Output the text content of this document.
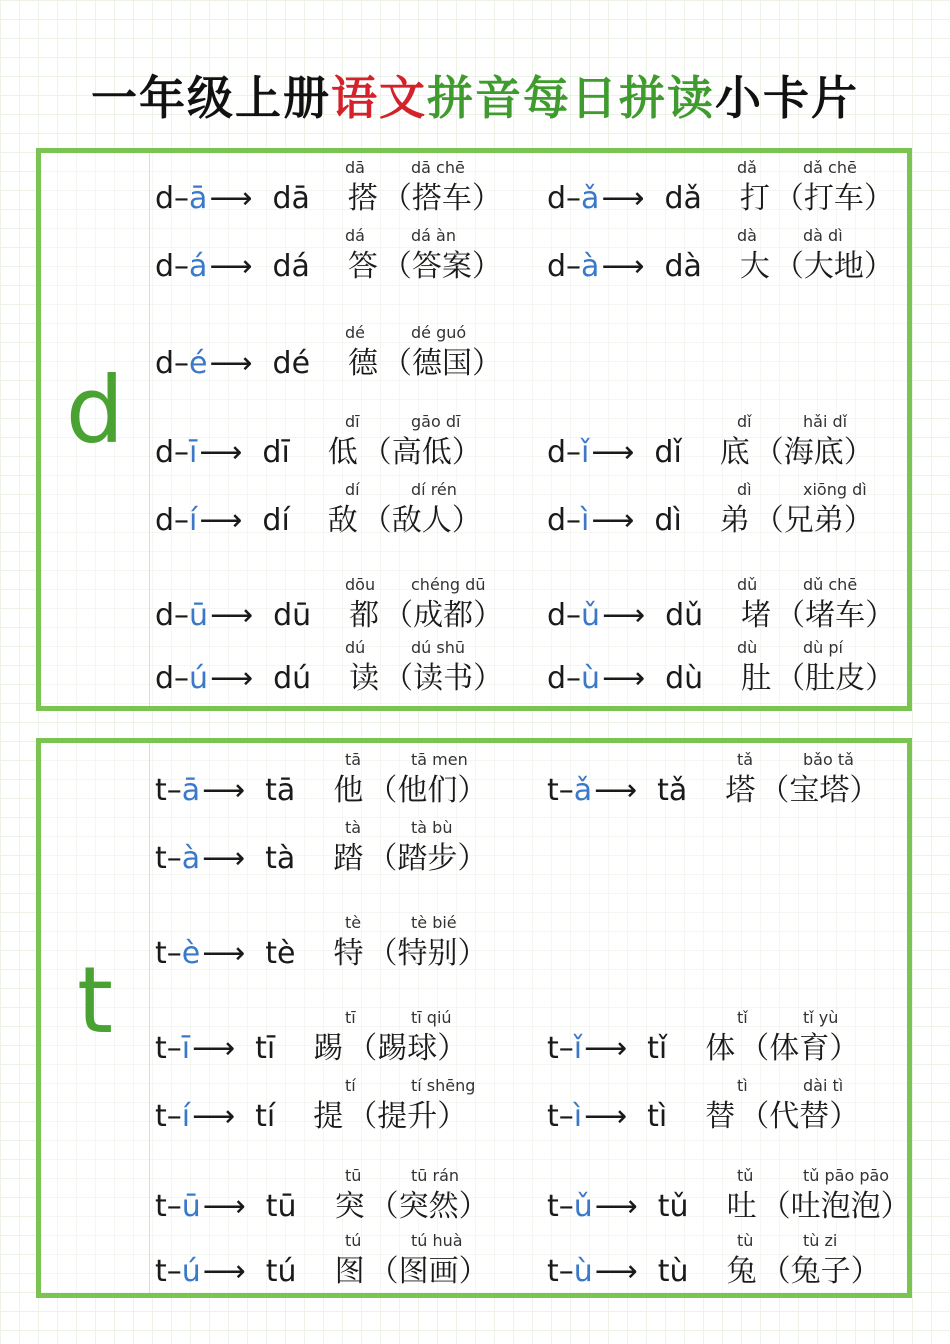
一年级上册语文拼音每日拼读小卡片
d
dā	dā chē
d–ā⟶ dā 搭 （搭车）
dǎ	dǎ chē
d–ǎ⟶ dǎ 打 （打车）
dá	dá àn
d–á⟶ dá 答 （答案）
dà	dà dì
d–à⟶ dà 大 （大地）
dé	dé guó
d–é⟶ dé 德 （德国）
dī	gāo dī
d–ī⟶ dī 低 （高低）
dǐ	hǎi dǐ
d–ǐ⟶ dǐ 底 （海底）
dí	dí rén
d–í⟶ dí 敌 （敌人）
dì	xiōng dì
d–ì⟶ dì 弟 （兄弟）
dōu chéng dū
d–ū⟶ dū 都 （成都）
dǔ	dǔ chē
d–ǔ⟶ dǔ 堵 （堵车）
dú	dú shū
d–ú⟶ dú 读 （读书）
dù	dù pí
d–ù⟶ dù 肚 （肚皮）
t
tā	tā men
t–ā⟶ tā 他 （他们）
tǎ	bǎo tǎ
t–ǎ⟶ tǎ 塔 （宝塔）
tà	tà bù
t–à⟶ tà 踏 （踏步）
tè	tè bié
t–è⟶ tè 特 （特别）
tī	tī qiú
t–ī⟶ tī 踢 （踢球）
tǐ	tǐ yù
t–ǐ⟶ tǐ 体 （体育）
tí	tí shēng
t–í⟶ tí 提 （提升）
tì	dài tì
t–ì⟶ tì 替 （代替）
tū	tū rán
t–ū⟶ tū 突 （突然）
tǔ	tǔ pāo pāo
t–ǔ⟶ tǔ 吐 （吐泡泡）
tú	tú huà
t–ú⟶ tú 图 （图画）
tù	tù zi
t–ù⟶ tù 兔 （兔子）
